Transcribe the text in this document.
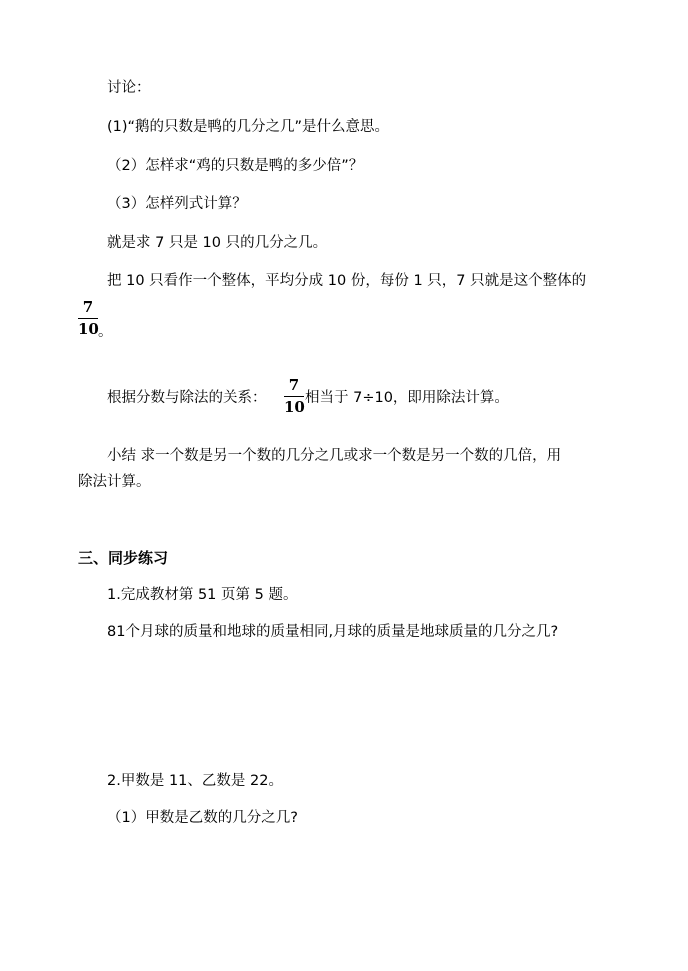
讨论：
(1)“鹅的只数是鸭的几分之几”是什么意思。
（2）怎样求“鸡的只数是鸭的多少倍”？
（3）怎样列式计算？
就是求 7 只是 10 只的几分之几。
把 10 只看作一个整体，平均分成 10 份，每份 1 只，7 只就是这个整体的
7
10 。
根据分数与除法的关系：
7
10 相当于 7÷10，即用除法计算。
小结 求一个数是另一个数的几分之几或求一个数是另一个数的几倍，用
除法计算。
三、同步练习
1.完成教材第 51 页第 5 题。
81个月球的质量和地球的质量相同,月球的质量是地球质量的几分之几?
2.甲数是 11、乙数是 22。
（1）甲数是乙数的几分之几?
